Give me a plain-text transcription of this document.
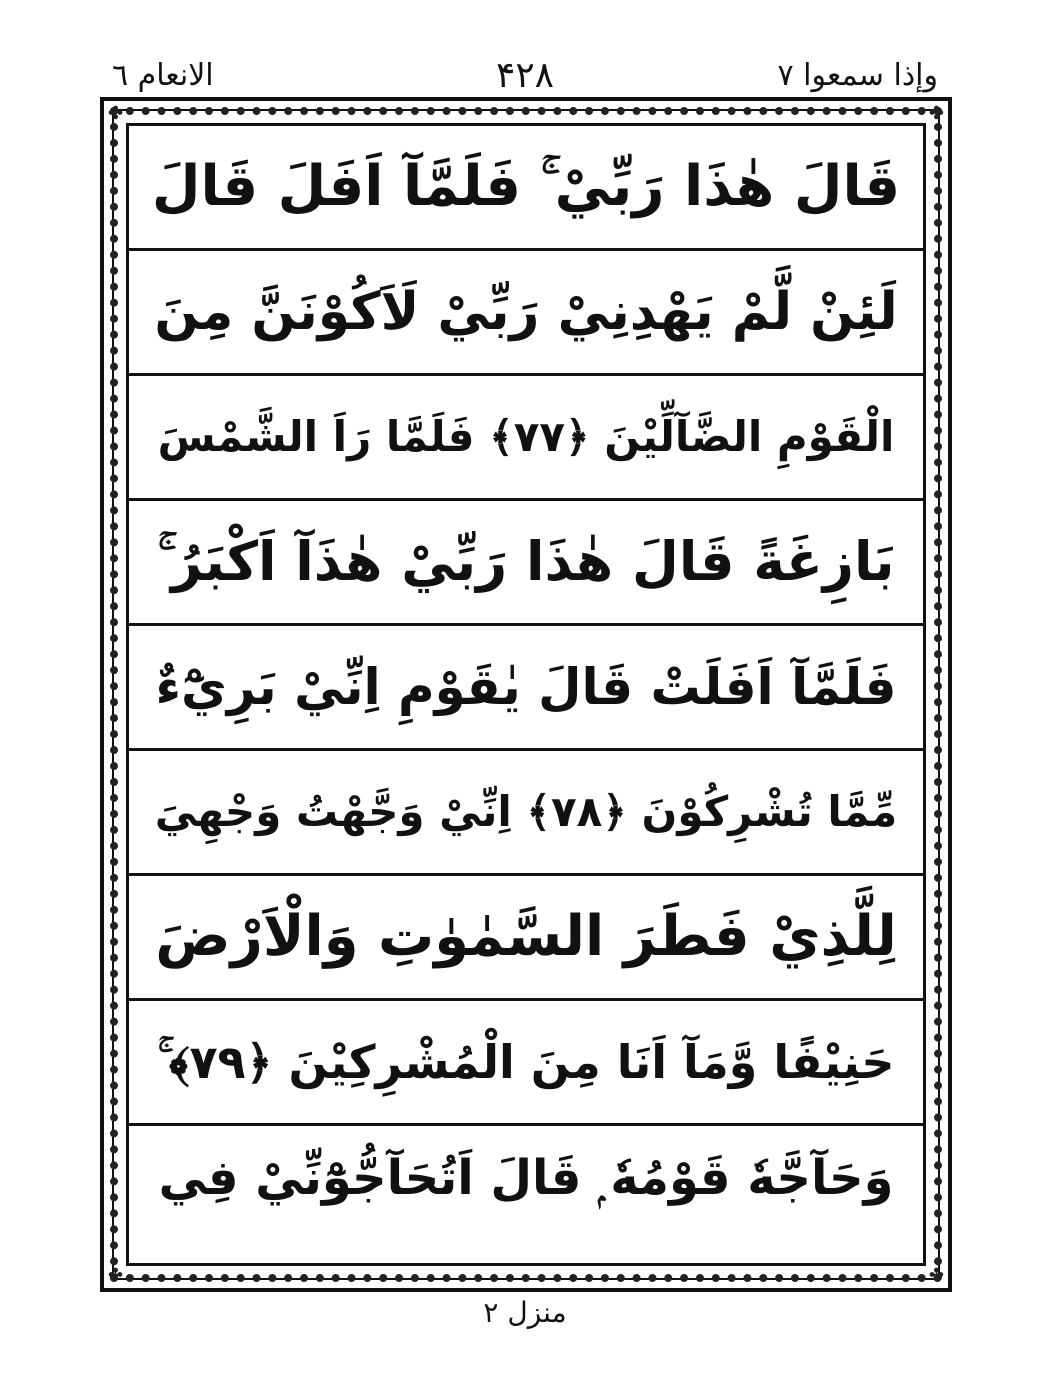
الانعام ٦	۴۲۸	وإذا سمعوا ٧
✤	✤
✤	✤
قَالَ هٰذَا رَبِّيْ ۚ فَلَمَّآ اَفَلَ قَالَ
لَئِنْ لَّمْ يَهْدِنِيْ رَبِّيْ لَاَكُوْنَنَّ مِنَ
الْقَوْمِ الضَّآلِّيْنَ ﴿٧٧﴾ فَلَمَّا رَاَ الشَّمْسَ
بَازِغَةً قَالَ هٰذَا رَبِّيْ هٰذَآ اَكْبَرُ ۚ
فَلَمَّآ اَفَلَتْ قَالَ يٰقَوْمِ اِنِّيْ بَرِيْٓءٌ
مِّمَّا تُشْرِكُوْنَ ﴿٧٨﴾ اِنِّيْ وَجَّهْتُ وَجْهِيَ
لِلَّذِيْ فَطَرَ السَّمٰوٰتِ وَالْاَرْضَ
حَنِيْفًا وَّمَآ اَنَا مِنَ الْمُشْرِكِيْنَ ﴿٧٩﴾ ۚ
وَحَآجَّهٗ قَوْمُهٗ ۭ قَالَ اَتُحَآجُّوْٓنِّيْ فِي
منزل ٢
